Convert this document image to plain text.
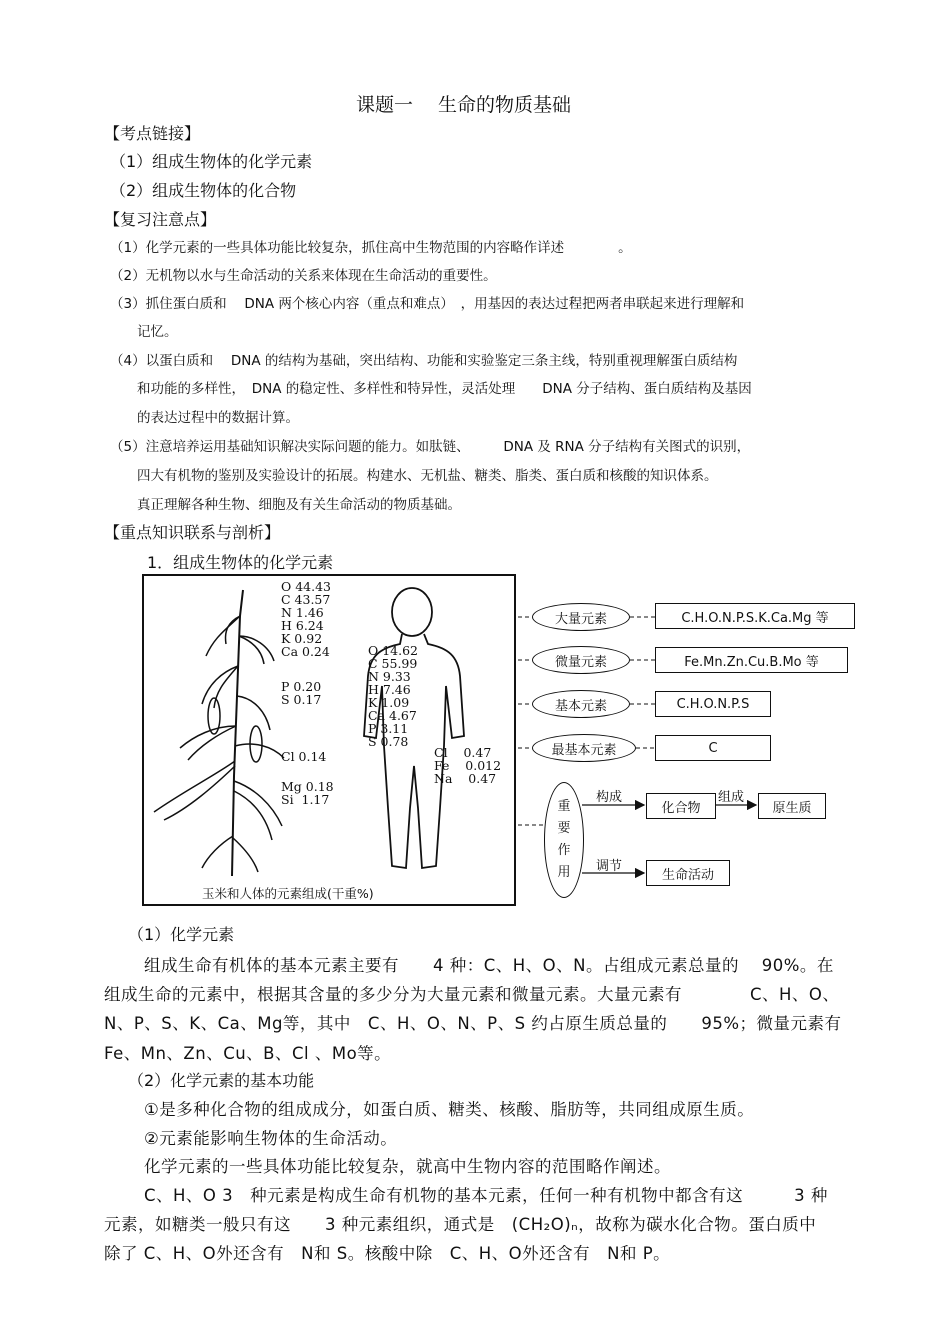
课题一　 生命的物质基础
【考点链接】
（1）组成生物体的化学元素
（2）组成生物体的化合物
【复习注意点】
（1）化学元素的一些具体功能比较复杂，抓住高中生物范围的内容略作详述　　　　。
（2）无机物以水与生命活动的关系来体现在生命活动的重要性。
（3）抓住蛋白质和　 DNA 两个核心内容（重点和难点）　，用基因的表达过程把两者串联起来进行理解和
记忆。
（4）以蛋白质和　 DNA 的结构为基础，突出结构、功能和实验鉴定三条主线，特别重视理解蛋白质结构
和功能的多样性，　DNA 的稳定性、多样性和特异性，灵活处理　　DNA 分子结构、蛋白质结构及基因
的表达过程中的数据计算。
（5）注意培养运用基础知识解决实际问题的能力。如肽链、　　　DNA 及 RNA 分子结构有关图式的识别，
四大有机物的鉴别及实验设计的拓展。构建水、无机盐、糖类、脂类、蛋白质和核酸的知识体系。
真正理解各种生物、细胞及有关生命活动的物质基础。
【重点知识联系与剖析】
1．组成生物体的化学元素
O 44.43
C 43.57
N 1.46
H 6.24
K 0.92
Ca 0.24
P 0.20
S 0.17
Cl 0.14
Mg 0.18
Si  1.17
O 14.62
C 55.99
N 9.33
H 7.46
K 1.09
Ca 4.67
P 3.11
S 0.78
Cl    0.47
Fe    0.012
Na    0.47
玉米和人体的元素组成(干重%)
大量元素
微量元素
基本元素
最基本元素
C.H.O.N.P.S.K.Ca.Mg 等
Fe.Mn.Zn.Cu.B.Mo 等
C.H.O.N.P.S
C
重
要
作
用
构成	组成
调节
化合物	原生质
生命活动
（1）化学元素
组成生命有机体的基本元素主要有　　4 种：C、H、O、N。占组成元素总量的　 90%。在
组成生命的元素中，根据其含量的多少分为大量元素和微量元素。大量元素有　　　　C、H、O、
N、P、S、K、Ca、Mg等，其中　C、H、O、N、P、S 约占原生质总量的　　95%；微量元素有
Fe、Mn、Zn、Cu、B、Cl 、Mo等。
（2）化学元素的基本功能
①是多种化合物的组成成分，如蛋白质、糖类、核酸、脂肪等，共同组成原生质。
②元素能影响生物体的生命活动。
化学元素的一些具体功能比较复杂，就高中生物内容的范围略作阐述。
C、H、O 3　种元素是构成生命有机物的基本元素，任何一种有机物中都含有这　　　3 种
元素，如糖类一般只有这　　3 种元素组织，通式是　(CH₂O)ₙ，故称为碳水化合物。蛋白质中
除了 C、H、O外还含有　N和 S。核酸中除　C、H、O外还含有　N和 P。
